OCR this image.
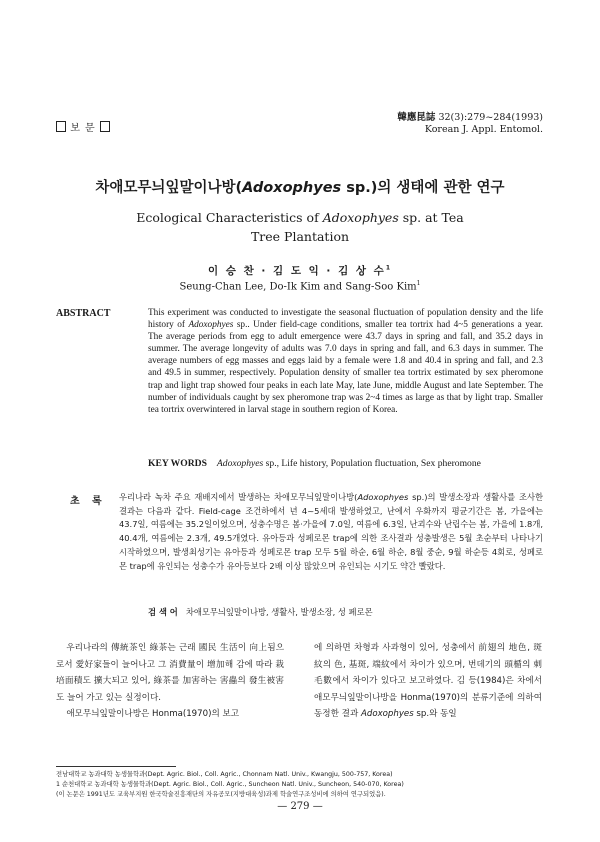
보 문
韓應昆誌 32(3):279~284(1993)
Korean J. Appl. Entomol.
차애모무늬잎말이나방(Adoxophyes sp.)의 생태에 관한 연구
Ecological Characteristics of Adoxophyes sp. at Tea
Tree Plantation
이 승 찬 · 김 도 익 · 김 상 수$^1$
Seung-Chan Lee, Do-Ik Kim and Sang-Soo Kim$^1$
ABSTRACT	This experiment was conducted to investigate the seasonal fluctuation of population density and the life history of Adoxophyes sp.. Under field-cage conditions, smaller tea tortrix had 4~5 generations a year. The average periods from egg to adult emergence were 43.7 days in spring and fall, and 35.2 days in summer. The average longevity of adults was 7.0 days in spring and fall, and 6.3 days in summer. The average numbers of egg masses and eggs laid by a female were 1.8 and 40.4 in spring and fall, and 2.3 and 49.5 in summer, respectively. Population density of smaller tea tortrix estimated by sex pheromone trap and light trap showed four peaks in each late May, late June, middle August and late September. The number of individuals caught by sex pheromone trap was 2~4 times as large as that by light trap. Smaller tea tortrix overwintered in larval stage in southern region of Korea.
KEY WORDS Adoxophyes sp., Life history, Population fluctuation, Sex pheromone
초 록 우리나라 녹차 주요 재배지에서 발생하는 차애모무늬잎말이나방(Adoxophyes sp.)의 발생소장과 생활사를 조사한 결과는 다음과 같다. Field-cage 조건하에서 년 4~5세대 발생하였고, 난에서 우화까지 평균기간은 봄, 가을에는 43.7일, 여름에는 35.2일이었으며, 성충수명은 봄·가을에 7.0일, 여름에 6.3일, 난괴수와 난립수는 봄, 가을에 1.8개, 40.4개, 여름에는 2.3개, 49.5개였다. 유아등과 성페로몬 trap에 의한 조사결과 성충발생은 5월 초순부터 나타나기 시작하였으며, 발생최성기는 유아등과 성페로몬 trap 모두 5월 하순, 6월 하순, 8월 중순, 9월 하순등 4회로, 성페로몬 trap에 유인되는 성충수가 유아등보다 2배 이상 많았으며 유인되는 시기도 약간 빨랐다.
검 색 어 차애모무늬잎말이나방, 생활사, 발생소장, 성 페로몬

우리나라의 傳統茶인 綠茶는 근래 國民 生活이 向上됨으로서 愛好家들이 늘어나고 그 消費量이 增加해 감에 따라 栽培面積도 擴大되고 있어, 綠茶를 加害하는 害蟲의 發生被害도 늘어 가고 있는 실정이다.

애모무늬잎말이나방은 Honma(1970)의 보고

에 의하면 차형과 사과형이 있어, 성충에서 前翅의 地色, 斑紋의 色, 基斑, 端紋에서 차이가 있으며, 번데기의 頭楯의 刺毛數에서 차이가 있다고 보고하였다. 김 등(1984)은 차에서 애모무늬잎말이나방을 Honma(1970)의 분류기준에 의하여 동정한 결과 Adoxophyes sp.와 동일

전남대학교 농과대학 농생물학과(Dept. Agric. Biol., Coll. Agric., Chonnam Natl. Univ., Kwangju, 500-757, Korea)
1 순천대학교 농과대학 농생물학과(Dept. Agric. Biol., Coll. Agric., Suncheon Natl. Univ., Suncheon, 540-070, Korea)
(이 논문은 1991년도 교육부지원 한국학술진흥재단의 자유공모(지방대육성)과제 학술연구조성비에 의하여 연구되었음).
— 279 —
